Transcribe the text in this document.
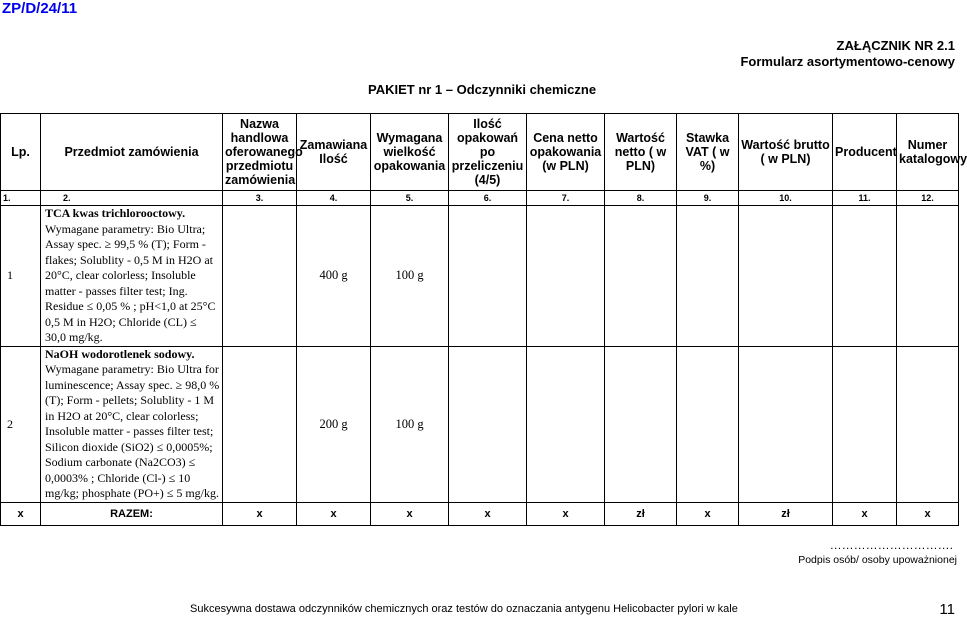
ZP/D/24/11
ZAŁĄCZNIK NR 2.1
Formularz asortymentowo-cenowy
PAKIET nr 1 – Odczynniki chemiczne
Lp.	Przedmiot zamówienia	Nazwa handlowa oferowanego przedmiotu zamówienia	Zamawiana Ilość	Wymagana wielkość opakowania	Ilość opakowań po przeliczeniu (4/5)	Cena netto opakowania (w PLN)	Wartość netto ( w PLN)	Stawka VAT ( w %)	Wartość brutto ( w PLN)	Producent	Numer katalogowy
1.	2.	3.	4.	5.	6.	7.	8.	9.	10.	11.	12.
1	TCA kwas trichlorooctowy.
Wymagane parametry: Bio Ultra; Assay spec. ≥ 99,5 % (T); Form - flakes; Solublity - 0,5 M in H2O at 20°C, clear colorless; Insoluble matter - passes filter test; Ing. Residue ≤ 0,05 % ; pH<1,0 at 25°C 0,5 M in H2O; Chloride (CL) ≤ 30,0 mg/kg.		400 g	100 g							
2	NaOH wodorotlenek sodowy.
Wymagane parametry: Bio Ultra for luminescence; Assay spec. ≥ 98,0 % (T); Form - pellets; Solublity - 1 M in H2O at 20°C, clear colorless; Insoluble matter - passes filter test; Silicon dioxide (SiO2) ≤ 0,0005%; Sodium carbonate (Na2CO3) ≤ 0,0003% ; Chloride (Cl-) ≤ 10 mg/kg; phosphate (PO+) ≤ 5 mg/kg.		200 g	100 g							
x	RAZEM:	x	x	x	x	x	zł	x	zł	x	x
………………………….
Podpis osób/ osoby upoważnionej
Sukcesywna dostawa odczynników chemicznych oraz testów do oznaczania antygenu Helicobacter pylori w kale	11
